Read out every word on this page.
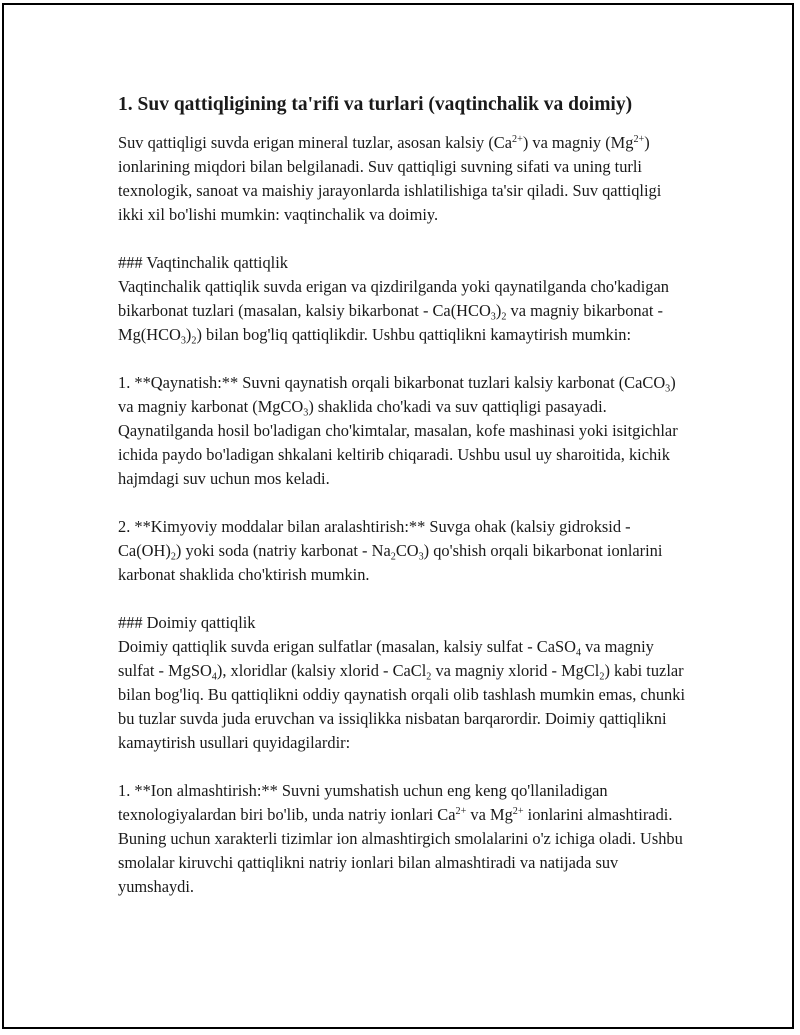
1. Suv qattiqligining ta'rifi va turlari (vaqtinchalik va doimiy)

Suv qattiqligi suvda erigan mineral tuzlar, asosan kalsiy $(Ca^{2+})$ va magniy $(Mg^{2+})$ ionlarining miqdori bilan belgilanadi. Suv qattiqligi suvning sifati va uning turli texnologik, sanoat va maishiy jarayonlarda ishlatilishiga ta'sir qiladi. Suv qattiqligi ikki xil bo'lishi mumkin: vaqtinchalik va doimiy.

### Vaqtinchalik qattiqlik
Vaqtinchalik qattiqlik suvda erigan va qizdirilganda yoki qaynatilganda cho'kadigan bikarbonat tuzlari (masalan, kalsiy bikarbonat - $Ca(HCO_3)_2$ va magniy bikarbonat - $Mg(HCO_3)_2$) bilan bog'liq qattiqlikdir. Ushbu qattiqlikni kamaytirish mumkin:

1. **Qaynatish:** Suvni qaynatish orqali bikarbonat tuzlari kalsiy karbonat (CaCO$_3$) va magniy karbonat (MgCO$_3$) shaklida cho'kadi va suv qattiqligi pasayadi. Qaynatilganda hosil bo'ladigan cho'kimtalar, masalan, kofe mashinasi yoki isitgichlar ichida paydo bo'ladigan shkalani keltirib chiqaradi. Ushbu usul uy sharoitida, kichik hajmdagi suv uchun mos keladi.

2. **Kimyoviy moddalar bilan aralashtirish:** Suvga ohak (kalsiy gidroksid - $Ca(OH)_2$) yoki soda (natriy karbonat - $Na_2CO_3$) qo'shish orqali bikarbonat ionlarini karbonat shaklida cho'ktirish mumkin.

### Doimiy qattiqlik
Doimiy qattiqlik suvda erigan sulfatlar (masalan, kalsiy sulfat - CaSO$_4$ va magniy sulfat - MgSO$_4$), xloridlar (kalsiy xlorid - CaCl$_2$ va magniy xlorid - MgCl$_2$) kabi tuzlar bilan bog'liq. Bu qattiqlikni oddiy qaynatish orqali olib tashlash mumkin emas, chunki bu tuzlar suvda juda eruvchan va issiqlikka nisbatan barqarordir. Doimiy qattiqlikni kamaytirish usullari quyidagilardir:

1. **Ion almashtirish:** Suvni yumshatish uchun eng keng qo'llaniladigan texnologiyalardan biri bo'lib, unda natriy ionlari $Ca^{2+}$ va $Mg^{2+}$ ionlarini almashtiradi. Buning uchun xarakterli tizimlar ion almashtirgich smolalarini o'z ichiga oladi. Ushbu smolalar kiruvchi qattiqlikni natriy ionlari bilan almashtiradi va natijada suv yumshaydi.
